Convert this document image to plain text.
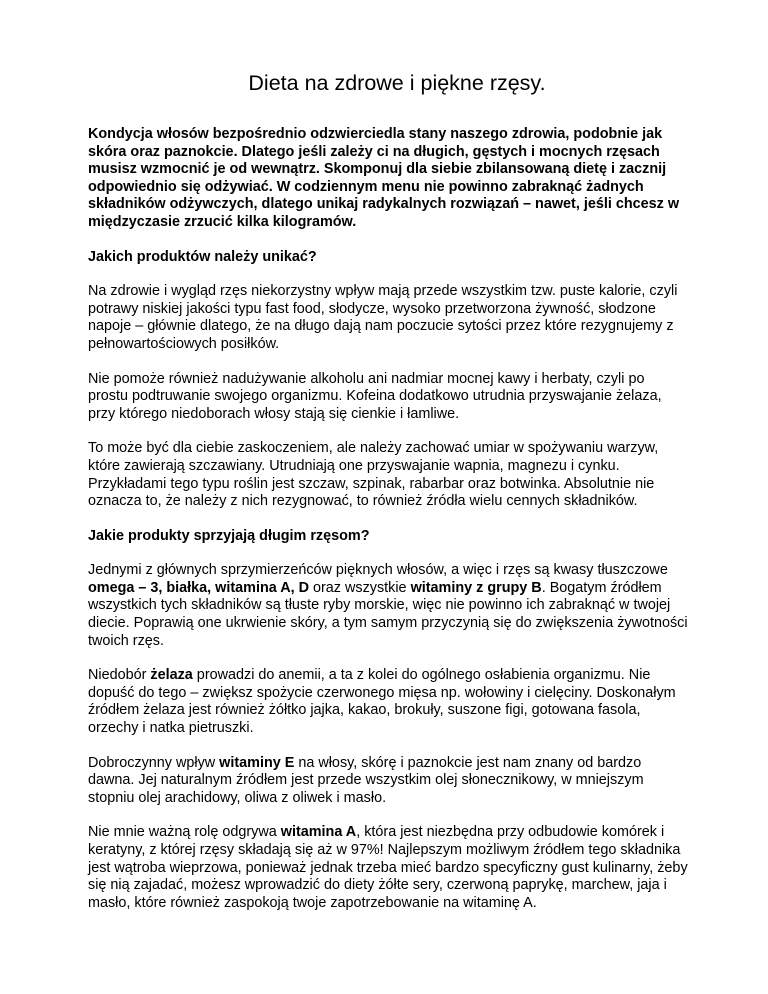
Dieta na zdrowe i piękne rzęsy.

Kondycja włosów bezpośrednio odzwierciedla stany naszego zdrowia, podobnie jak skóra oraz paznokcie. Dlatego jeśli zależy ci na długich, gęstych i mocnych rzęsach musisz wzmocnić je od wewnątrz. Skomponuj dla siebie zbilansowaną dietę i zacznij odpowiednio się odżywiać. W codziennym menu nie powinno zabraknąć żadnych składników odżywczych, dlatego unikaj radykalnych rozwiązań – nawet, jeśli chcesz w międzyczasie zrzucić kilka kilogramów.

Jakich produktów należy unikać?

Na zdrowie i wygląd rzęs niekorzystny wpływ mają przede wszystkim tzw. puste kalorie, czyli potrawy niskiej jakości typu fast food, słodycze, wysoko przetworzona żywność, słodzone napoje – głównie dlatego, że na długo dają nam poczucie sytości przez które rezygnujemy z pełnowartościowych posiłków.

Nie pomoże również nadużywanie alkoholu ani nadmiar mocnej kawy i herbaty, czyli po prostu podtruwanie swojego organizmu. Kofeina dodatkowo utrudnia przyswajanie żelaza, przy którego niedoborach włosy stają się cienkie i łamliwe.

To może być dla ciebie zaskoczeniem, ale należy zachować umiar w spożywaniu warzyw, które zawierają szczawiany. Utrudniają one przyswajanie wapnia, magnezu i cynku. Przykładami tego typu roślin jest szczaw, szpinak, rabarbar oraz botwinka. Absolutnie nie oznacza to, że należy z nich rezygnować, to również źródła wielu cennych składników.

Jakie produkty sprzyjają długim rzęsom?

Jednymi z głównych sprzymierzeńców pięknych włosów, a więc i rzęs są kwasy tłuszczowe omega – 3, białka, witamina A, D oraz wszystkie witaminy z grupy B. Bogatym źródłem wszystkich tych składników są tłuste ryby morskie, więc nie powinno ich zabraknąć w twojej diecie. Poprawią one ukrwienie skóry, a tym samym przyczynią się do zwiększenia żywotności twoich rzęs.

Niedobór żelaza prowadzi do anemii, a ta z kolei do ogólnego osłabienia organizmu. Nie dopuść do tego – zwiększ spożycie czerwonego mięsa np. wołowiny i cielęciny. Doskonałym źródłem żelaza jest również żółtko jajka, kakao, brokuły, suszone figi, gotowana fasola, orzechy i natka pietruszki.

Dobroczynny wpływ witaminy E na włosy, skórę i paznokcie jest nam znany od bardzo dawna. Jej naturalnym źródłem jest przede wszystkim olej słonecznikowy, w mniejszym stopniu olej arachidowy, oliwa z oliwek i masło.

Nie mnie ważną rolę odgrywa witamina A, która jest niezbędna przy odbudowie komórek i keratyny, z której rzęsy składają się aż w 97%! Najlepszym możliwym źródłem tego składnika jest wątroba wieprzowa, ponieważ jednak trzeba mieć bardzo specyficzny gust kulinarny, żeby się nią zajadać, możesz wprowadzić do diety żółte sery, czerwoną paprykę, marchew, jaja i masło, które również zaspokoją twoje zapotrzebowanie na witaminę A.
